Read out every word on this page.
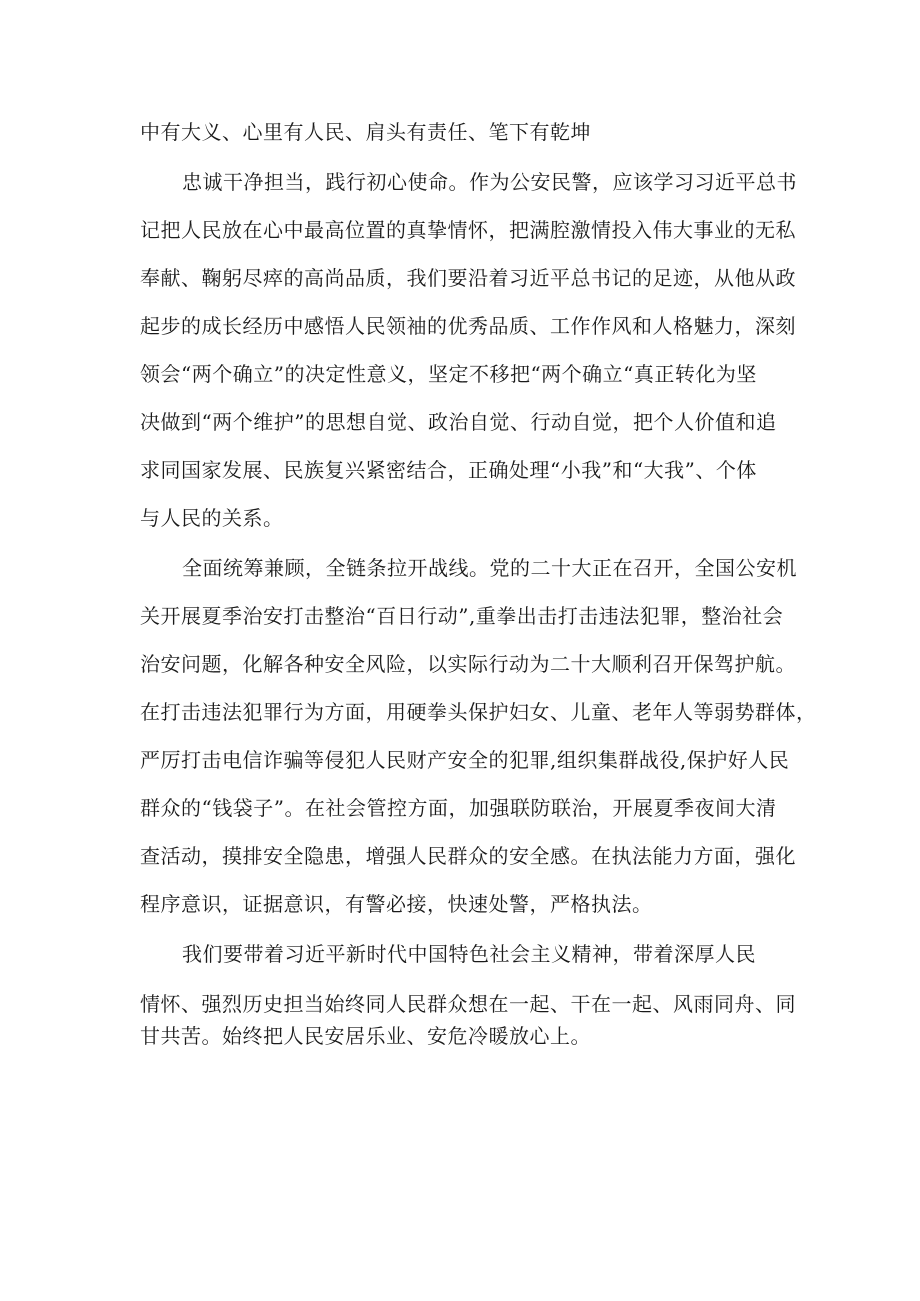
中有大义、心里有人民、肩头有责任、笔下有乾坤

忠诚干净担当，践行初心使命。作为公安民警，应该学习习近平总书

记把人民放在心中最高位置的真挚情怀，把满腔激情投入伟大事业的无私

奉献、鞠躬尽瘁的高尚品质，我们要沿着习近平总书记的足迹，从他从政

起步的成长经历中感悟人民领袖的优秀品质、工作作风和人格魅力，深刻

领会“两个确立”的决定性意义，坚定不移把“两个确立“真正转化为坚

决做到“两个维护”的思想自觉、政治自觉、行动自觉，把个人价值和追

求同国家发展、民族复兴紧密结合，正确处理“小我”和“大我”、个体

与人民的关系。

全面统筹兼顾，全链条拉开战线。党的二十大正在召开，全国公安机

关开展夏季治安打击整治“百日行动”,重拳出击打击违法犯罪，整治社会

治安问题，化解各种安全风险，以实际行动为二十大顺利召开保驾护航。

在打击违法犯罪行为方面，用硬拳头保护妇女、儿童、老年人等弱势群体，

严厉打击电信诈骗等侵犯人民财产安全的犯罪,组织集群战役,保护好人民

群众的“钱袋子”。在社会管控方面，加强联防联治，开展夏季夜间大清

查活动，摸排安全隐患，增强人民群众的安全感。在执法能力方面，强化

程序意识，证据意识，有警必接，快速处警，严格执法。

我们要带着习近平新时代中国特色社会主义精神，带着深厚人民

情怀、强烈历史担当始终同人民群众想在一起、干在一起、风雨同舟、同

甘共苦。始终把人民安居乐业、安危冷暖放心上。
